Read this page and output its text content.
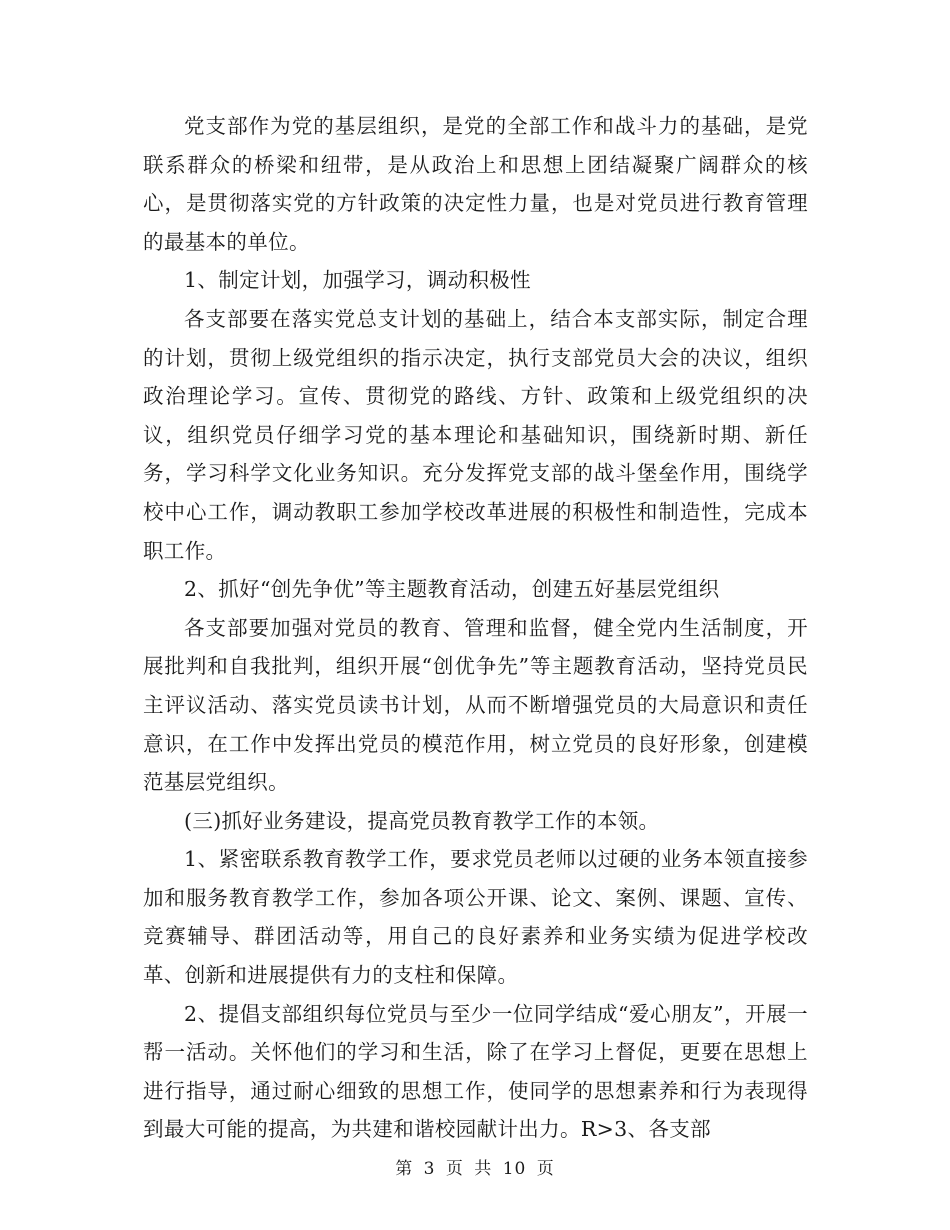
党支部作为党的基层组织，是党的全部工作和战斗力的基础，是党联系群众的桥梁和纽带，是从政治上和思想上团结凝聚广阔群众的核心，是贯彻落实党的方针政策的决定性力量，也是对党员进行教育管理的最基本的单位。

1、制定计划，加强学习，调动积极性

各支部要在落实党总支计划的基础上，结合本支部实际，制定合理的计划，贯彻上级党组织的指示决定，执行支部党员大会的决议，组织政治理论学习。宣传、贯彻党的路线、方针、政策和上级党组织的决议，组织党员仔细学习党的基本理论和基础知识，围绕新时期、新任务，学习科学文化业务知识。充分发挥党支部的战斗堡垒作用，围绕学校中心工作，调动教职工参加学校改革进展的积极性和制造性，完成本职工作。

2、抓好“创先争优”等主题教育活动，创建五好基层党组织

各支部要加强对党员的教育、管理和监督，健全党内生活制度，开展批判和自我批判，组织开展“创优争先”等主题教育活动，坚持党员民主评议活动、落实党员读书计划，从而不断增强党员的大局意识和责任意识，在工作中发挥出党员的模范作用，树立党员的良好形象，创建模范基层党组织。

(三)抓好业务建设，提高党员教育教学工作的本领。

1、紧密联系教育教学工作，要求党员老师以过硬的业务本领直接参加和服务教育教学工作，参加各项公开课、论文、案例、课题、宣传、竞赛辅导、群团活动等，用自己的良好素养和业务实绩为促进学校改革、创新和进展提供有力的支柱和保障。

2、提倡支部组织每位党员与至少一位同学结成“爱心朋友”，开展一帮一活动。关怀他们的学习和生活，除了在学习上督促，更要在思想上进行指导，通过耐心细致的思想工作，使同学的思想素养和行为表现得到最大可能的提高，为共建和谐校园献计出力。R>3、各支部

第 3 页 共 10 页
